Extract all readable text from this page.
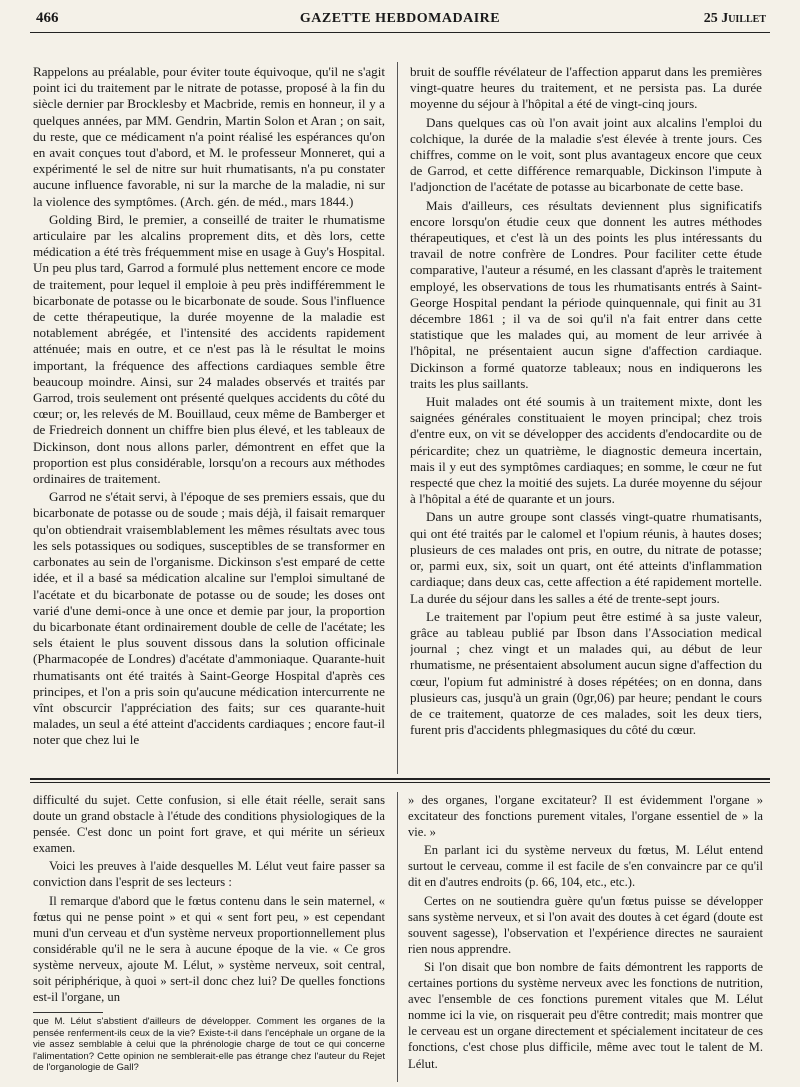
466	GAZETTE HEBDOMADAIRE	25 Juillet

Rappelons au préalable, pour éviter toute équivoque, qu'il ne s'agit point ici du traitement par le nitrate de potasse, proposé à la fin du siècle dernier par Brocklesby et Macbride, remis en honneur, il y a quelques années, par MM. Gendrin, Martin Solon et Aran ; on sait, du reste, que ce médicament n'a point réalisé les espérances qu'on en avait conçues tout d'abord, et M. le professeur Monneret, qui a expérimenté le sel de nitre sur huit rhumatisants, n'a pu constater aucune influence favorable, ni sur la marche de la maladie, ni sur la violence des symptômes. (Arch. gén. de méd., mars 1844.)

Golding Bird, le premier, a conseillé de traiter le rhumatisme articulaire par les alcalins proprement dits, et dès lors, cette médication a été très fréquemment mise en usage à Guy's Hospital. Un peu plus tard, Garrod a formulé plus nettement encore ce mode de traitement, pour lequel il emploie à peu près indifféremment le bicarbonate de potasse ou le bicarbonate de soude. Sous l'influence de cette thérapeutique, la durée moyenne de la maladie est notablement abrégée, et l'intensité des accidents rapidement atténuée; mais en outre, et ce n'est pas là le résultat le moins important, la fréquence des affections cardiaques semble être beaucoup moindre. Ainsi, sur 24 malades observés et traités par Garrod, trois seulement ont présenté quelques accidents du côté du cœur; or, les relevés de M. Bouillaud, ceux même de Bamberger et de Friedreich donnent un chiffre bien plus élevé, et les tableaux de Dickinson, dont nous allons parler, démontrent en effet que la proportion est plus considérable, lorsqu'on a recours aux méthodes ordinaires de traitement.

Garrod ne s'était servi, à l'époque de ses premiers essais, que du bicarbonate de potasse ou de soude ; mais déjà, il faisait remarquer qu'on obtiendrait vraisemblablement les mêmes résultats avec tous les sels potassiques ou sodiques, susceptibles de se transformer en carbonates au sein de l'organisme. Dickinson s'est emparé de cette idée, et il a basé sa médication alcaline sur l'emploi simultané de l'acétate et du bicarbonate de potasse ou de soude; les doses ont varié d'une demi-once à une once et demie par jour, la proportion du bicarbonate étant ordinairement double de celle de l'acétate; les sels étaient le plus souvent dissous dans la solution officinale (Pharmacopée de Londres) d'acétate d'ammoniaque. Quarante-huit rhumatisants ont été traités à Saint-George Hospital d'après ces principes, et l'on a pris soin qu'aucune médication intercurrente ne vînt obscurcir l'appréciation des faits; sur ces quarante-huit malades, un seul a été atteint d'accidents cardiaques ; encore faut-il noter que chez lui le

bruit de souffle révélateur de l'affection apparut dans les premières vingt-quatre heures du traitement, et ne persista pas. La durée moyenne du séjour à l'hôpital a été de vingt-cinq jours.

Dans quelques cas où l'on avait joint aux alcalins l'emploi du colchique, la durée de la maladie s'est élevée à trente jours. Ces chiffres, comme on le voit, sont plus avantageux encore que ceux de Garrod, et cette différence remarquable, Dickinson l'impute à l'adjonction de l'acétate de potasse au bicarbonate de cette base.

Mais d'ailleurs, ces résultats deviennent plus significatifs encore lorsqu'on étudie ceux que donnent les autres méthodes thérapeutiques, et c'est là un des points les plus intéressants du travail de notre confrère de Londres. Pour faciliter cette étude comparative, l'auteur a résumé, en les classant d'après le traitement employé, les observations de tous les rhumatisants entrés à Saint-George Hospital pendant la période quinquennale, qui finit au 31 décembre 1861 ; il va de soi qu'il n'a fait entrer dans cette statistique que les malades qui, au moment de leur arrivée à l'hôpital, ne présentaient aucun signe d'affection cardiaque. Dickinson a formé quatorze tableaux; nous en indiquerons les traits les plus saillants.

Huit malades ont été soumis à un traitement mixte, dont les saignées générales constituaient le moyen principal; chez trois d'entre eux, on vit se développer des accidents d'endocardite ou de péricardite; chez un quatrième, le diagnostic demeura incertain, mais il y eut des symptômes cardiaques; en somme, le cœur ne fut respecté que chez la moitié des sujets. La durée moyenne du séjour à l'hôpital a été de quarante et un jours.

Dans un autre groupe sont classés vingt-quatre rhumatisants, qui ont été traités par le calomel et l'opium réunis, à hautes doses; plusieurs de ces malades ont pris, en outre, du nitrate de potasse; or, parmi eux, six, soit un quart, ont été atteints d'inflammation cardiaque; dans deux cas, cette affection a été rapidement mortelle. La durée du séjour dans les salles a été de trente-sept jours.

Le traitement par l'opium peut être estimé à sa juste valeur, grâce au tableau publié par Ibson dans l'Association medical journal ; chez vingt et un malades qui, au début de leur rhumatisme, ne présentaient absolument aucun signe d'affection du cœur, l'opium fut administré à doses répétées; on en donna, dans plusieurs cas, jusqu'à un grain (0gr,06) par heure; pendant le cours de ce traitement, quatorze de ces malades, soit les deux tiers, furent pris d'accidents phlegmasiques du côté du cœur.

difficulté du sujet. Cette confusion, si elle était réelle, serait sans doute un grand obstacle à l'étude des conditions physiologiques de la pensée. C'est donc un point fort grave, et qui mérite un sérieux examen.

Voici les preuves à l'aide desquelles M. Lélut veut faire passer sa conviction dans l'esprit de ses lecteurs :

Il remarque d'abord que le fœtus contenu dans le sein maternel, « fœtus qui ne pense point » et qui « sent fort peu, » est cependant muni d'un cerveau et d'un système nerveux proportionnellement plus considérable qu'il ne le sera à aucune époque de la vie. « Ce gros système nerveux, ajoute M. Lélut, » système nerveux, soit central, soit périphérique, à quoi » sert-il donc chez lui? De quelles fonctions est-il l'organe, un

que M. Lélut s'abstient d'ailleurs de développer. Comment les organes de la pensée renferment-ils ceux de la vie? Existe-t-il dans l'encéphale un organe de la vie assez semblable à celui que la phrénologie charge de tout ce qui concerne l'alimentation? Cette opinion ne semblerait-elle pas étrange chez l'auteur du Rejet de l'organologie de Gall?

» des organes, l'organe excitateur? Il est évidemment l'organe » excitateur des fonctions purement vitales, l'organe essentiel de » la vie. »

En parlant ici du système nerveux du fœtus, M. Lélut entend surtout le cerveau, comme il est facile de s'en convaincre par ce qu'il dit en d'autres endroits (p. 66, 104, etc., etc.).

Certes on ne soutiendra guère qu'un fœtus puisse se développer sans système nerveux, et si l'on avait des doutes à cet égard (doute est souvent sagesse), l'observation et l'expérience directes ne sauraient rien nous apprendre.

Si l'on disait que bon nombre de faits démontrent les rapports de certaines portions du système nerveux avec les fonctions de nutrition, avec l'ensemble de ces fonctions purement vitales que M. Lélut nomme ici la vie, on risquerait peu d'être contredit; mais montrer que le cerveau est un organe directement et spécialement incitateur de ces fonctions, c'est chose plus difficile, même avec tout le talent de M. Lélut.
